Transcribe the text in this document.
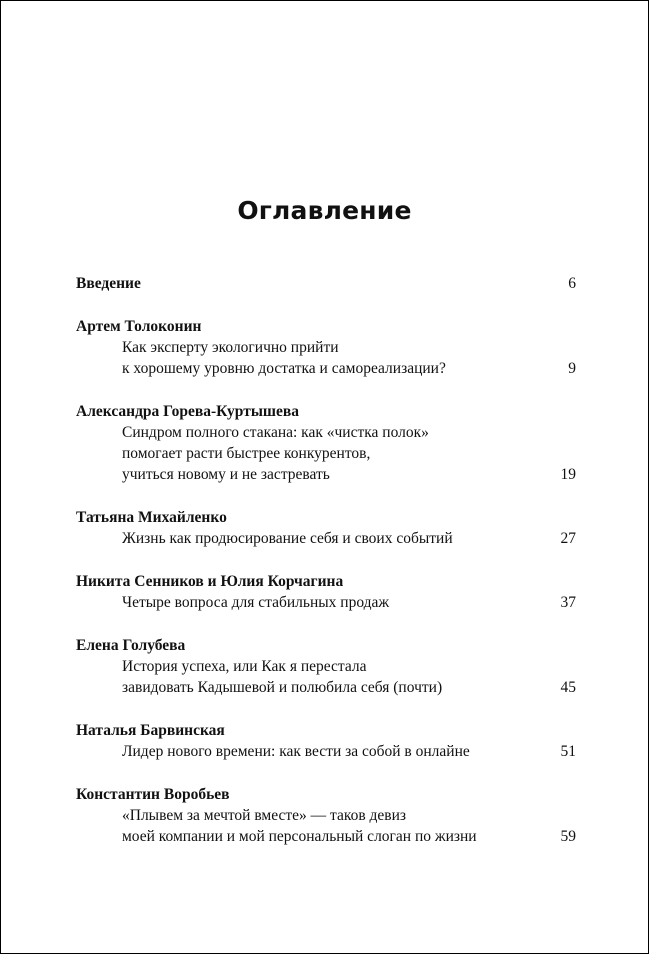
Оглавление
Введение	6
Артем Толоконин
Как эксперту экологично прийти
к хорошему уровню достатка и самореализации?	9
Александра Горева-Куртышева
Синдром полного стакана: как «чистка полок»
помогает расти быстрее конкурентов,
учиться новому и не застревать	19
Татьяна Михайленко
Жизнь как продюсирование себя и своих событий	27
Никита Сенников и Юлия Корчагина
Четыре вопроса для стабильных продаж	37
Елена Голубева
История успеха, или Как я перестала
завидовать Кадышевой и полюбила себя (почти)	45
Наталья Барвинская
Лидер нового времени: как вести за собой в онлайне	51
Константин Воробьев
«Плывем за мечтой вместе» — таков девиз
моей компании и мой персональный слоган по жизни	59
